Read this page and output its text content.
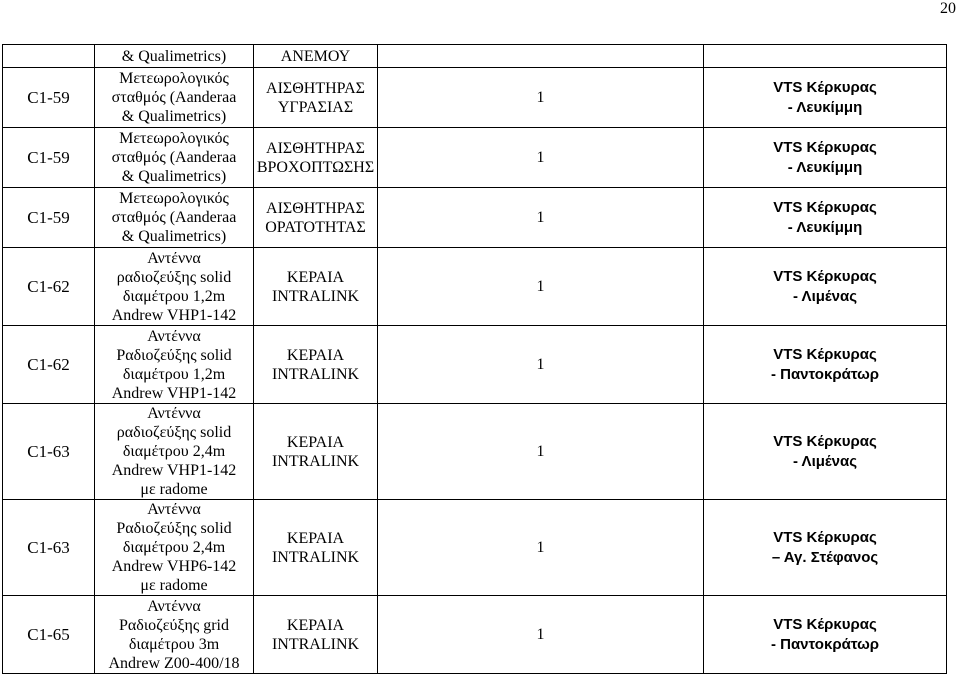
20
	& Qualimetrics)	ΑΝΕΜΟΥ		
C1-59	Μετεωρολογικός
σταθμός (Aanderaa
& Qualimetrics)	ΑΙΣΘΗΤΗΡΑΣ
ΥΓΡΑΣΙΑΣ	1	VTS Κέρκυρας
- Λευκίμμη
C1-59	Μετεωρολογικός
σταθμός (Aanderaa
& Qualimetrics)	ΑΙΣΘΗΤΗΡΑΣ
ΒΡΟΧΟΠΤΩΣΗΣ	1	VTS Κέρκυρας
- Λευκίμμη
C1-59	Μετεωρολογικός
σταθμός (Aanderaa
& Qualimetrics)	ΑΙΣΘΗΤΗΡΑΣ
ΟΡΑΤΟΤΗΤΑΣ	1	VTS Κέρκυρας
- Λευκίμμη
C1-62	Αντέννα
ραδιοζεύξης solid
διαμέτρου 1,2m
Andrew VHP1-142	ΚΕΡΑΙΑ
INTRALINK	1	VTS Κέρκυρας
- Λιμένας
C1-62	Αντέννα
Ραδιοζεύξης solid
διαμέτρου 1,2m
Andrew VHP1-142	ΚΕΡΑΙΑ
INTRALINK	1	VTS Κέρκυρας
- Παντοκράτωρ
C1-63	Αντέννα
ραδιοζεύξης solid
διαμέτρου 2,4m
Andrew VHP1-142
με radome	ΚΕΡΑΙΑ
INTRALINK	1	VTS Κέρκυρας
- Λιμένας
C1-63	Αντέννα
Ραδιοζεύξης solid
διαμέτρου 2,4m
Andrew VHP6-142
με radome	ΚΕΡΑΙΑ
INTRALINK	1	VTS Κέρκυρας
– Αγ. Στέφανος
C1-65	Αντέννα
Ραδιοζεύξης grid
διαμέτρου 3m
Andrew Z00-400/18	ΚΕΡΑΙΑ
INTRALINK	1	VTS Κέρκυρας
- Παντοκράτωρ
